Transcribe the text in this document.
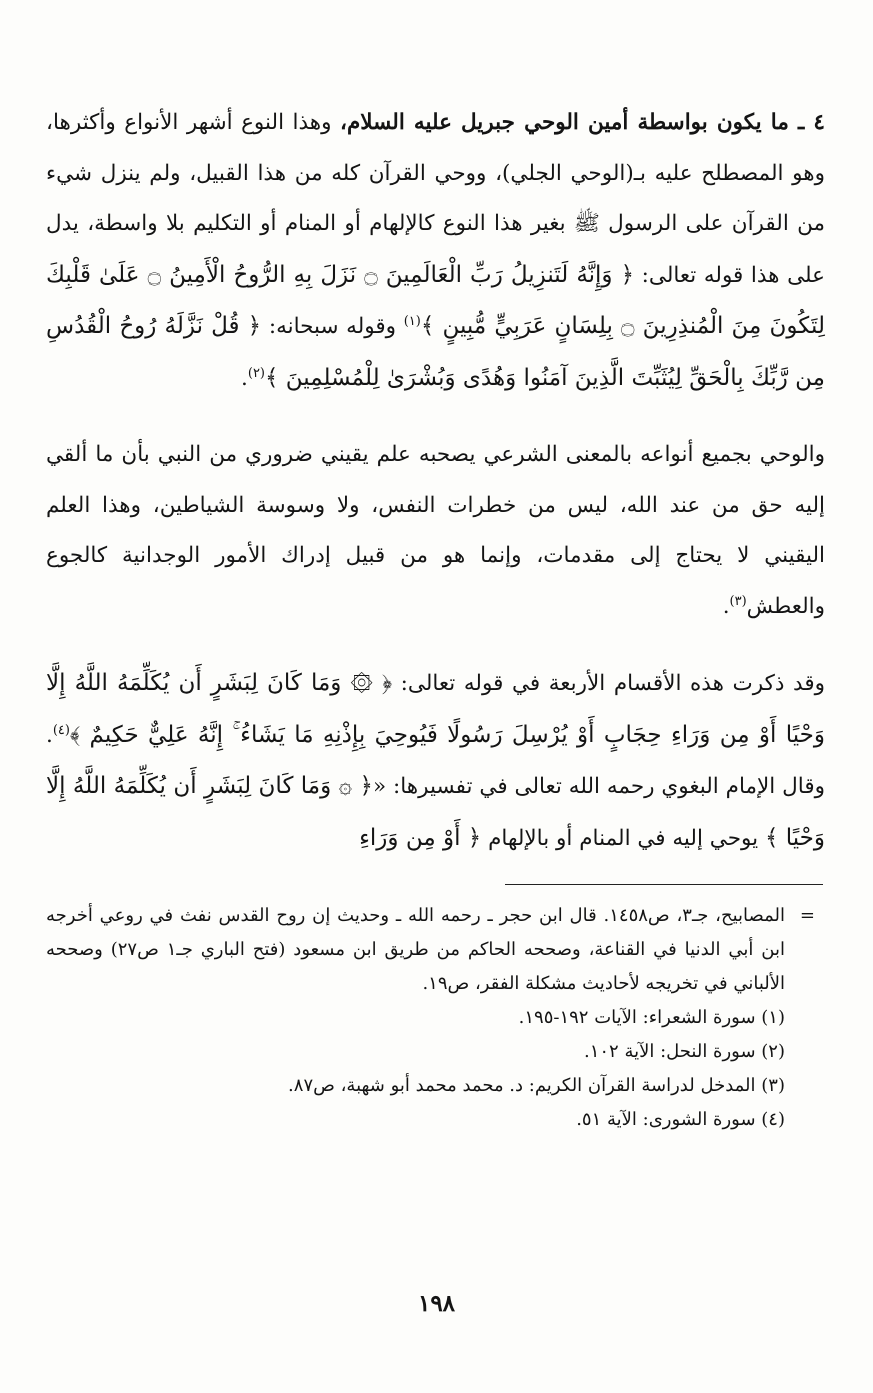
٤ ـ ما يكون بواسطة أمين الوحي جبريل عليه السلام، وهذا النوع أشهر الأنواع وأكثرها، وهو المصطلح عليه بـ(الوحي الجلي)، ووحي القرآن كله من هذا القبيل، ولم ينزل شيء من القرآن على الرسول ﷺ بغير هذا النوع كالإلهام أو المنام أو التكليم بلا واسطة، يدل على هذا قوله تعالى: ﴿ وَإِنَّهُ لَتَنزِيلُ رَبِّ الْعَالَمِينَ ۝ نَزَلَ بِهِ الرُّوحُ الْأَمِينُ ۝ عَلَىٰ قَلْبِكَ لِتَكُونَ مِنَ الْمُنذِرِينَ ۝ بِلِسَانٍ عَرَبِيٍّ مُّبِينٍ ﴾$^{(١)}$ وقوله سبحانه: ﴿ قُلْ نَزَّلَهُ رُوحُ الْقُدُسِ مِن رَّبِّكَ بِالْحَقِّ لِيُثَبِّتَ الَّذِينَ آمَنُوا وَهُدًى وَبُشْرَىٰ لِلْمُسْلِمِينَ ﴾$^{(٢)}$.

والوحي بجميع أنواعه بالمعنى الشرعي يصحبه علم يقيني ضروري من النبي بأن ما ألقي إليه حق من عند الله، ليس من خطرات النفس، ولا وسوسة الشياطين، وهذا العلم اليقيني لا يحتاج إلى مقدمات، وإنما هو من قبيل إدراك الأمور الوجدانية كالجوع والعطش$^{(٣)}$.

وقد ذكرت هذه الأقسام الأربعة في قوله تعالى: ﴿ ۞ وَمَا كَانَ لِبَشَرٍ أَن يُكَلِّمَهُ اللَّهُ إِلَّا وَحْيًا أَوْ مِن وَرَاءِ حِجَابٍ أَوْ يُرْسِلَ رَسُولًا فَيُوحِيَ بِإِذْنِهِ مَا يَشَاءُ ۚ إِنَّهُ عَلِيٌّ حَكِيمٌ ﴾$^{(٤)}$. وقال الإمام البغوي رحمه الله تعالى في تفسيرها: «﴿ ۞ وَمَا كَانَ لِبَشَرٍ أَن يُكَلِّمَهُ اللَّهُ إِلَّا وَحْيًا ﴾ يوحي إليه في المنام أو بالإلهام ﴿ أَوْ مِن وَرَاءِ

=
المصابيح، جـ٣، ص١٤٥٨. قال ابن حجر ـ رحمه الله ـ وحديث إن روح القدس نفث في روعي أخرجه ابن أبي الدنيا في القناعة، وصححه الحاكم من طريق ابن مسعود (فتح الباري جـ١ ص٢٧) وصححه الألباني في تخريجه لأحاديث مشكلة الفقر، ص١٩.

(١) سورة الشعراء: الآيات ١٩٢-١٩٥.

(٢) سورة النحل: الآية ١٠٢.

(٣) المدخل لدراسة القرآن الكريم: د. محمد محمد أبو شهبة، ص٨٧.

(٤) سورة الشورى: الآية ٥١.

١٩٨
